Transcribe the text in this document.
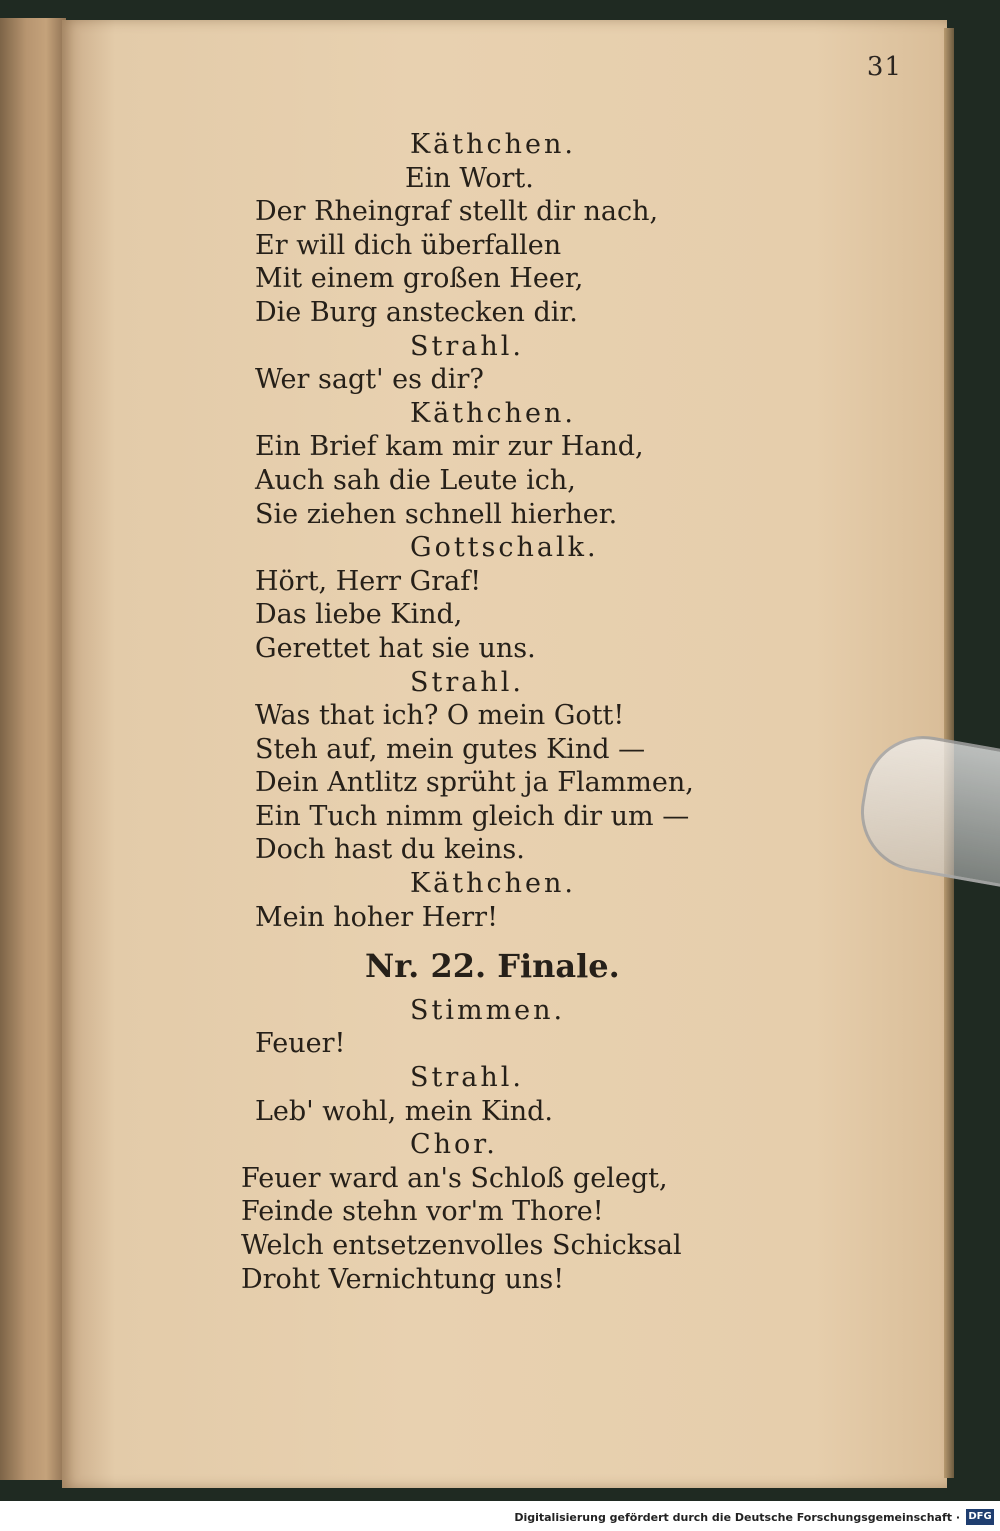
31
Käthchen.
Ein Wort.
Der Rheingraf stellt dir nach,
Er will dich überfallen
Mit einem großen Heer,
Die Burg anstecken dir.
Strahl.
Wer sagt' es dir?
Käthchen.
Ein Brief kam mir zur Hand,
Auch sah die Leute ich,
Sie ziehen schnell hierher.
Gottschalk.
Hört, Herr Graf!
Das liebe Kind,
Gerettet hat sie uns.
Strahl.
Was that ich? O mein Gott!
Steh auf, mein gutes Kind —
Dein Antlitz sprüht ja Flammen,
Ein Tuch nimm gleich dir um —
Doch hast du keins.
Käthchen.
Mein hoher Herr!
Nr. 22. Finale.
Stimmen.
Feuer!
Strahl.
Leb' wohl, mein Kind.
Chor.
Feuer ward an's Schloß gelegt,
Feinde stehn vor'm Thore!
Welch entsetzenvolles Schicksal
Droht Vernichtung uns!
Digitalisierung gefördert durch die Deutsche Forschungsgemeinschaft · DFG
